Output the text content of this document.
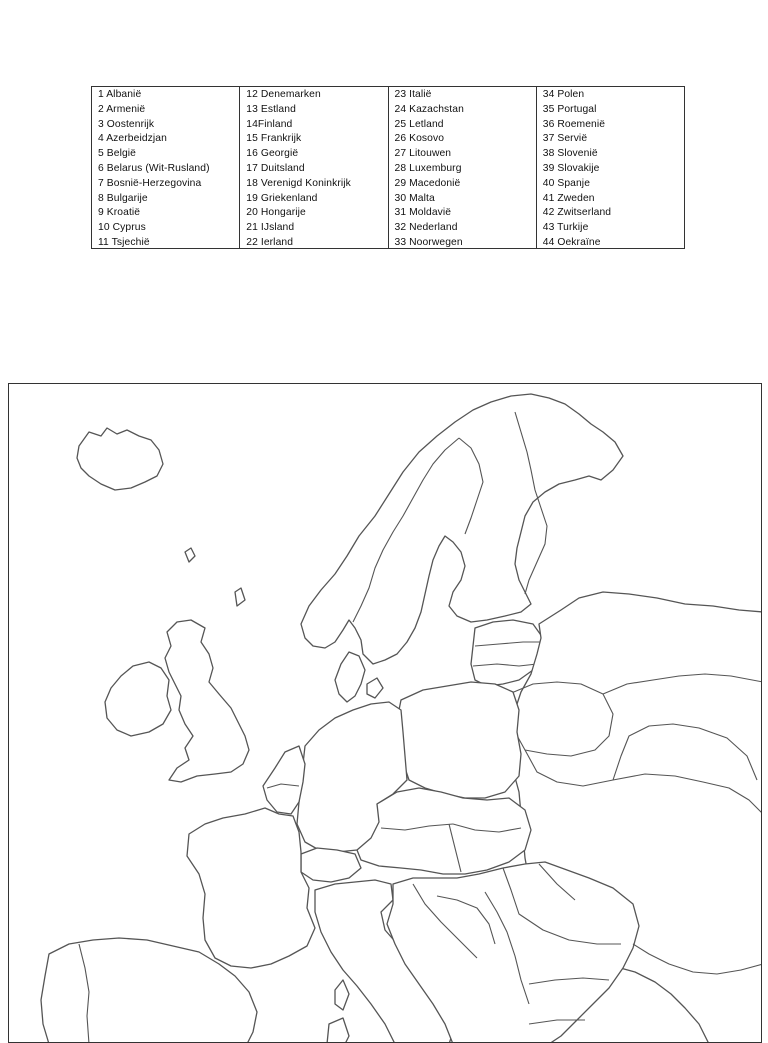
1 Albanië
2 Armenië
3 Oostenrijk
4 Azerbeidzjan
5 België
6 Belarus (Wit-Rusland)
7 Bosnië-Herzegovina
8 Bulgarije
9 Kroatië
10 Cyprus
11 Tsjechië
12 Denemarken
13 Estland
14Finland
15 Frankrijk
16 Georgië
17 Duitsland
18 Verenigd Koninkrijk
19 Griekenland
20 Hongarije
21 IJsland
22 Ierland
23 Italië
24 Kazachstan
25 Letland
26 Kosovo
27 Litouwen
28 Luxemburg
29 Macedonië
30 Malta
31 Moldavië
32 Nederland
33 Noorwegen
34 Polen
35 Portugal
36 Roemenië
37 Servië
38 Slovenië
39 Slovakije
40 Spanje
41 Zweden
42 Zwitserland
43 Turkije
44 Oekraïne
